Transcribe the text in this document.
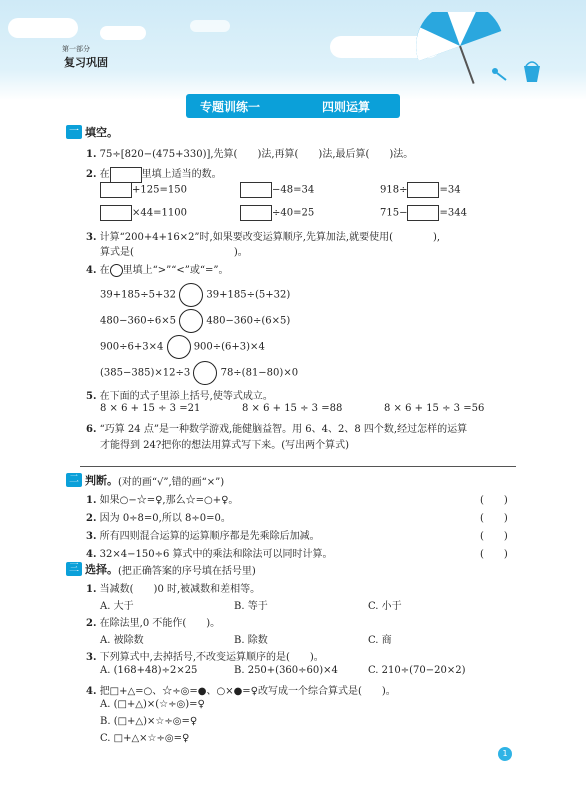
第一部分
复习巩固
专题训练一	四则运算
一 填空。
1. 75÷[820−(475+330)],先算(　　)法,再算(　　)法,最后算(　　)法。
2. 在	里填上适当的数。
+125=150	−48=34	918÷	=34
×44=1100	÷40=25	715−	=344
3. 计算“200+4+16×2”时,如果要改变运算顺序,先算加法,就要使用(　　　　),
算式是(　　　　　　　　　　)。
4. 在 里填上“>”“<”或“=”。
39+185÷5+32	39+185÷(5+32)
480−360÷6×5	480−360÷(6×5)
900÷6+3×4	900÷(6+3)×4
(385−385)×12÷3	78÷(81−80)×0
5. 在下面的式子里添上括号,使等式成立。
8 × 6 + 15 ÷ 3 =21	8 × 6 + 15 ÷ 3 =88	8 × 6 + 15 ÷ 3 =56
6. “巧算 24 点”是一种数学游戏,能健脑益智。用 6、4、2、8 四个数,经过怎样的运算
才能得到 24?把你的想法用算式写下来。(写出两个算式)
二 判断。 (对的画“√”,错的画“×”)
1. 如果○−☆=♀,那么☆=○+♀。	(　　)
2. 因为 0÷8=0,所以 8÷0=0。	(　　)
3. 所有四则混合运算的运算顺序都是先乘除后加减。	(　　)
4. 32×4−150÷6 算式中的乘法和除法可以同时计算。	(　　)
三 选择。 (把正确答案的序号填在括号里)
1. 当减数(　　)0 时,被减数和差相等。
A. 大于	B. 等于	C. 小于
2. 在除法里,0 不能作(　　)。
A. 被除数	B. 除数	C. 商
3. 下列算式中,去掉括号,不改变运算顺序的是(　　)。
A. (168+48)÷2×25	B. 250+(360÷60)×4	C. 210÷(70−20×2)
4. 把□+△=○、☆÷◎=●、○×●=♀改写成一个综合算式是(　　)。
A. (□+△)×(☆÷◎)=♀
B. (□+△)×☆÷◎=♀
C. □+△×☆÷◎=♀
1
